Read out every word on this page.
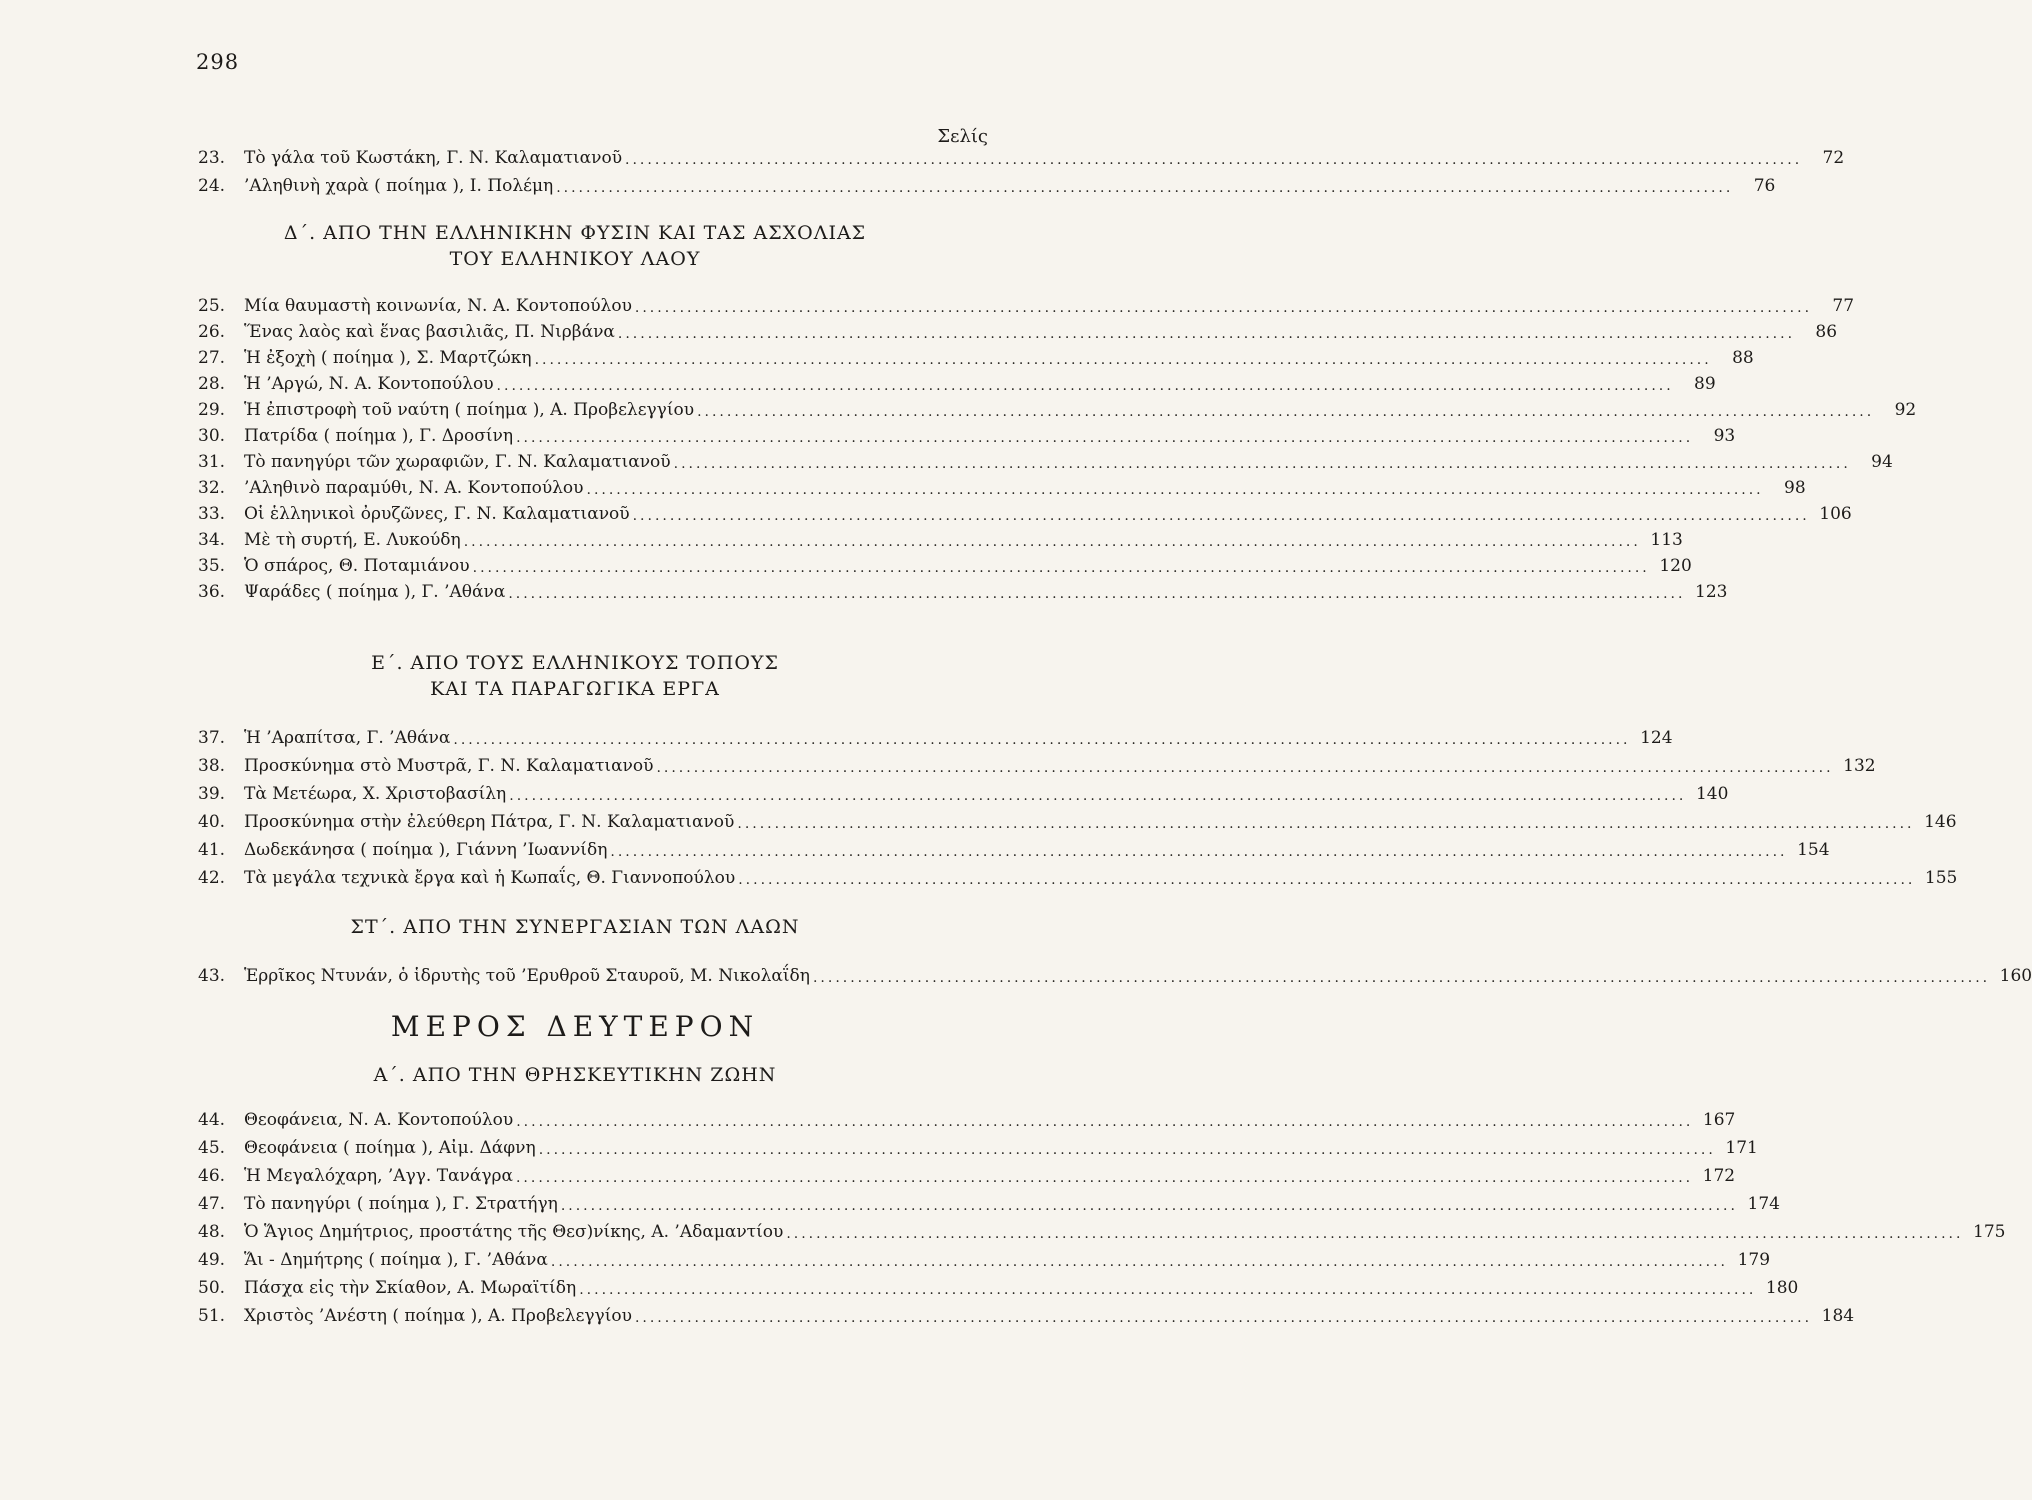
298
Σελίς
23.	Τὸ γάλα τοῦ Κωστάκη, Γ. Ν. Καλαματιανοῦ ..............................................................................................................................................................	72
24.	’Αληθινὴ χαρὰ ( ποίημα ), Ι. Πολέμη ..............................................................................................................................................................	76
Δ΄. ΑΠΟ ΤΗΝ ΕΛΛΗΝΙΚΗΝ ΦΥΣΙΝ ΚΑΙ ΤΑΣ ΑΣΧΟΛΙΑΣ
ΤΟΥ ΕΛΛΗΝΙΚΟΥ ΛΑΟΥ
25.	Μία θαυμαστὴ κοινωνία, Ν. Α. Κοντοπούλου ..............................................................................................................................................................	77
26.	Ἕνας λαὸς καὶ ἕνας βασιλιᾶς, Π. Νιρβάνα ..............................................................................................................................................................	86
27.	Ἡ ἐξοχὴ ( ποίημα ), Σ. Μαρτζώκη ..............................................................................................................................................................	88
28.	Ἡ ’Αργώ, Ν. Α. Κοντοπούλου ..............................................................................................................................................................	89
29.	Ἡ ἐπιστροφὴ τοῦ ναύτη ( ποίημα ), Α. Προβελεγγίου ..............................................................................................................................................................	92
30.	Πατρίδα ( ποίημα ), Γ. Δροσίνη ..............................................................................................................................................................	93
31.	Τὸ πανηγύρι τῶν χωραφιῶν, Γ. Ν. Καλαματιανοῦ ..............................................................................................................................................................	94
32.	’Αληθινὸ παραμύθι, Ν. Α. Κοντοπούλου ..............................................................................................................................................................	98
33.	Οἱ ἑλληνικοὶ ὀρυζῶνες, Γ. Ν. Καλαματιανοῦ .............................................................................................................................................................. 106
34.	Μὲ τὴ συρτή, Ε. Λυκούδη .............................................................................................................................................................. 113
35.	Ὁ σπάρος, Θ. Ποταμιάνου .............................................................................................................................................................. 120
36.	Ψαράδες ( ποίημα ), Γ. ’Αθάνα .............................................................................................................................................................. 123
Ε΄. ΑΠΟ ΤΟΥΣ ΕΛΛΗΝΙΚΟΥΣ ΤΟΠΟΥΣ
ΚΑΙ ΤΑ ΠΑΡΑΓΩΓΙΚΑ ΕΡΓΑ
37.	Ἡ ’Αραπίτσα, Γ. ’Αθάνα .............................................................................................................................................................. 124
38.	Προσκύνημα στὸ Μυστρᾶ, Γ. Ν. Καλαματιανοῦ .............................................................................................................................................................. 132
39.	Τὰ Μετέωρα, Χ. Χριστοβασίλη .............................................................................................................................................................. 140
40.	Προσκύνημα στὴν ἐλεύθερη Πάτρα, Γ. Ν. Καλαματιανοῦ .............................................................................................................................................................. 146
41.	Δωδεκάνησα ( ποίημα ), Γιάννη ’Ιωαννίδη .............................................................................................................................................................. 154
42.	Τὰ μεγάλα τεχνικὰ ἔργα καὶ ἡ Κωπαΐς, Θ. Γιαννοπούλου .............................................................................................................................................................. 155
ΣΤ΄. ΑΠΟ ΤΗΝ ΣΥΝΕΡΓΑΣΙΑΝ ΤΩΝ ΛΑΩΝ
43.	Ἑρρῖκος Ντυνάν, ὁ ἱδρυτὴς τοῦ ’Ερυθροῦ Σταυροῦ, Μ. Νικολαΐδη .............................................................................................................................................................. 160
ΜΕΡΟΣ ΔΕΥΤΕΡΟΝ
Α΄. ΑΠΟ ΤΗΝ ΘΡΗΣΚΕΥΤΙΚΗΝ ΖΩΗΝ
44.	Θεοφάνεια, Ν. Α. Κοντοπούλου .............................................................................................................................................................. 167
45.	Θεοφάνεια ( ποίημα ), Αἰμ. Δάφνη .............................................................................................................................................................. 171
46.	Ἡ Μεγαλόχαρη, ’Αγγ. Τανάγρα .............................................................................................................................................................. 172
47.	Τὸ πανηγύρι ( ποίημα ), Γ. Στρατήγη .............................................................................................................................................................. 174
48.	Ὁ Ἅγιος Δημήτριος, προστάτης τῆς Θεσ)νίκης, Α. ’Αδαμαντίου .............................................................................................................................................................. 175
49.	Ἅι - Δημήτρης ( ποίημα ), Γ. ’Αθάνα .............................................................................................................................................................. 179
50.	Πάσχα εἰς τὴν Σκίαθον, Α. Μωραϊτίδη .............................................................................................................................................................. 180
51.	Χριστὸς ’Ανέστη ( ποίημα ), Α. Προβελεγγίου .............................................................................................................................................................. 184
